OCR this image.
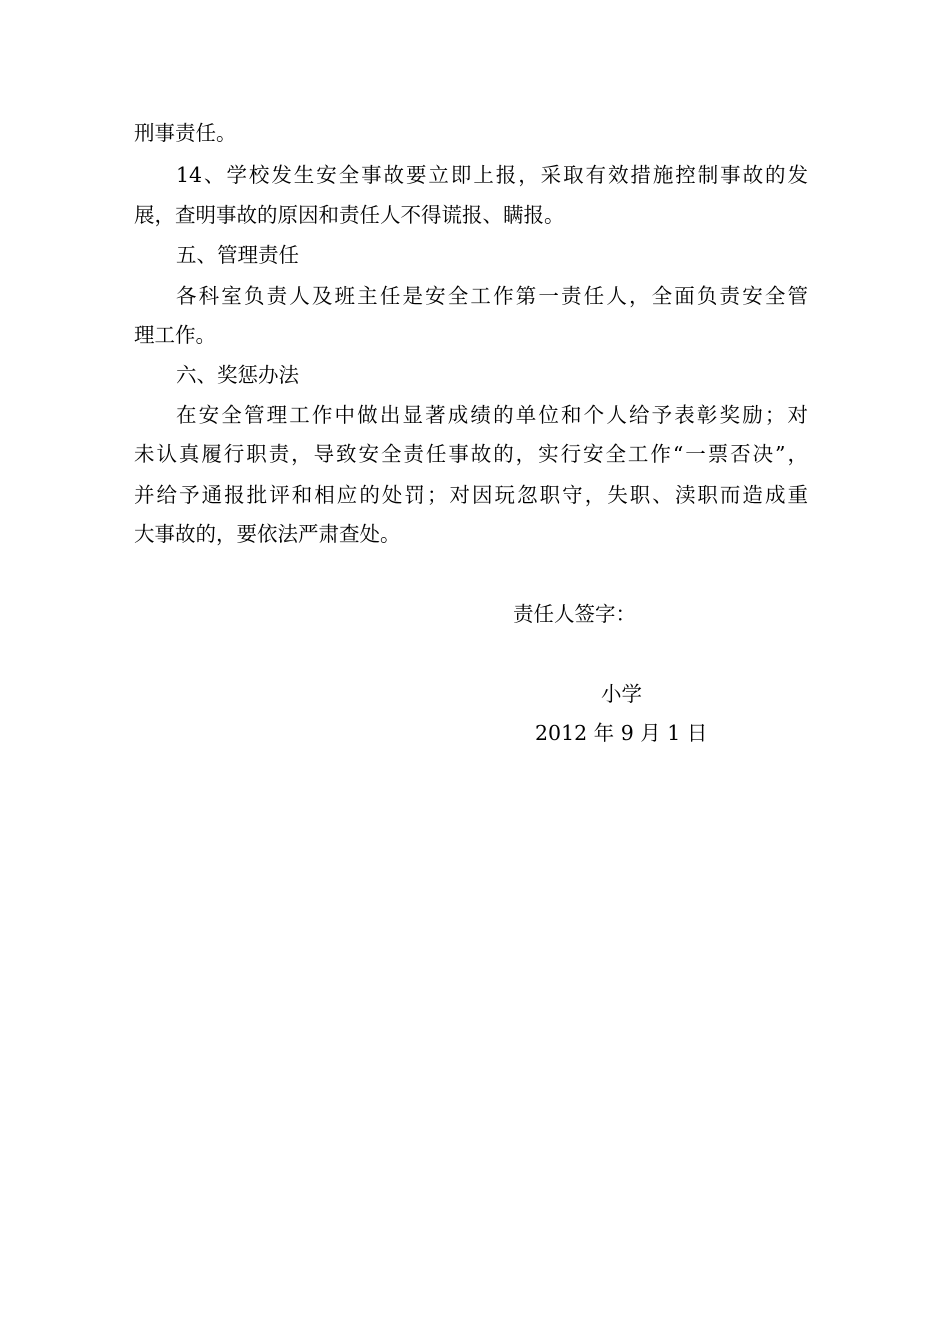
刑事责任。
14、学校发生安全事故要立即上报，采取有效措施控制事故的发
展，查明事故的原因和责任人不得谎报、瞒报。
五、管理责任
各科室负责人及班主任是安全工作第一责任人，全面负责安全管
理工作。
六、奖惩办法
在安全管理工作中做出显著成绩的单位和个人给予表彰奖励；对
未认真履行职责，导致安全责任事故的，实行安全工作“一票否决”，
并给予通报批评和相应的处罚；对因玩忽职守，失职、渎职而造成重
大事故的，要依法严肃查处。
责任人签字：
小学
2012 年 9 月 1 日
